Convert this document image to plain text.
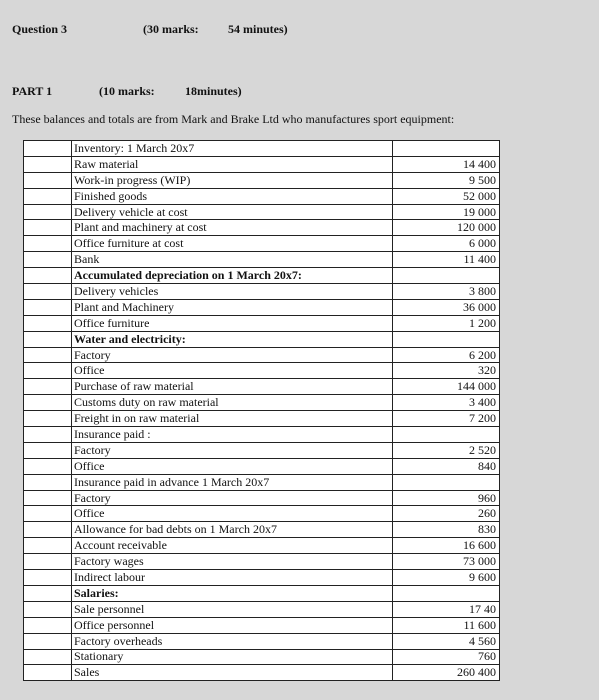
Question 3	(30 marks: 54 minutes)
PART 1	(10 marks:	18minutes)
These balances and totals are from Mark and Brake Ltd who manufactures sport equipment:
	Inventory: 1 March 20x7	
	Raw material	14 400
	Work-in progress (WIP)	9 500
	Finished goods	52 000
	Delivery vehicle at cost	19 000
	Plant and machinery at cost	120 000
	Office furniture at cost	6 000
	Bank	11 400
	Accumulated depreciation on 1 March 20x7:	
	Delivery vehicles	3 800
	Plant and Machinery	36 000
	Office furniture	1 200
	Water and electricity:	
	Factory	6 200
	Office	320
	Purchase of raw material	144 000
	Customs duty on raw material	3 400
	Freight in on raw material	7 200
	Insurance paid :	
	Factory	2 520
	Office	840
	Insurance paid in advance 1 March 20x7	
	Factory	960
	Office	260
	Allowance for bad debts on 1 March 20x7	830
	Account receivable	16 600
	Factory wages	73 000
	Indirect labour	9 600
	Salaries:	
	Sale personnel	17 40
	Office personnel	11 600
	Factory overheads	4 560
	Stationary	760
	Sales	260 400
